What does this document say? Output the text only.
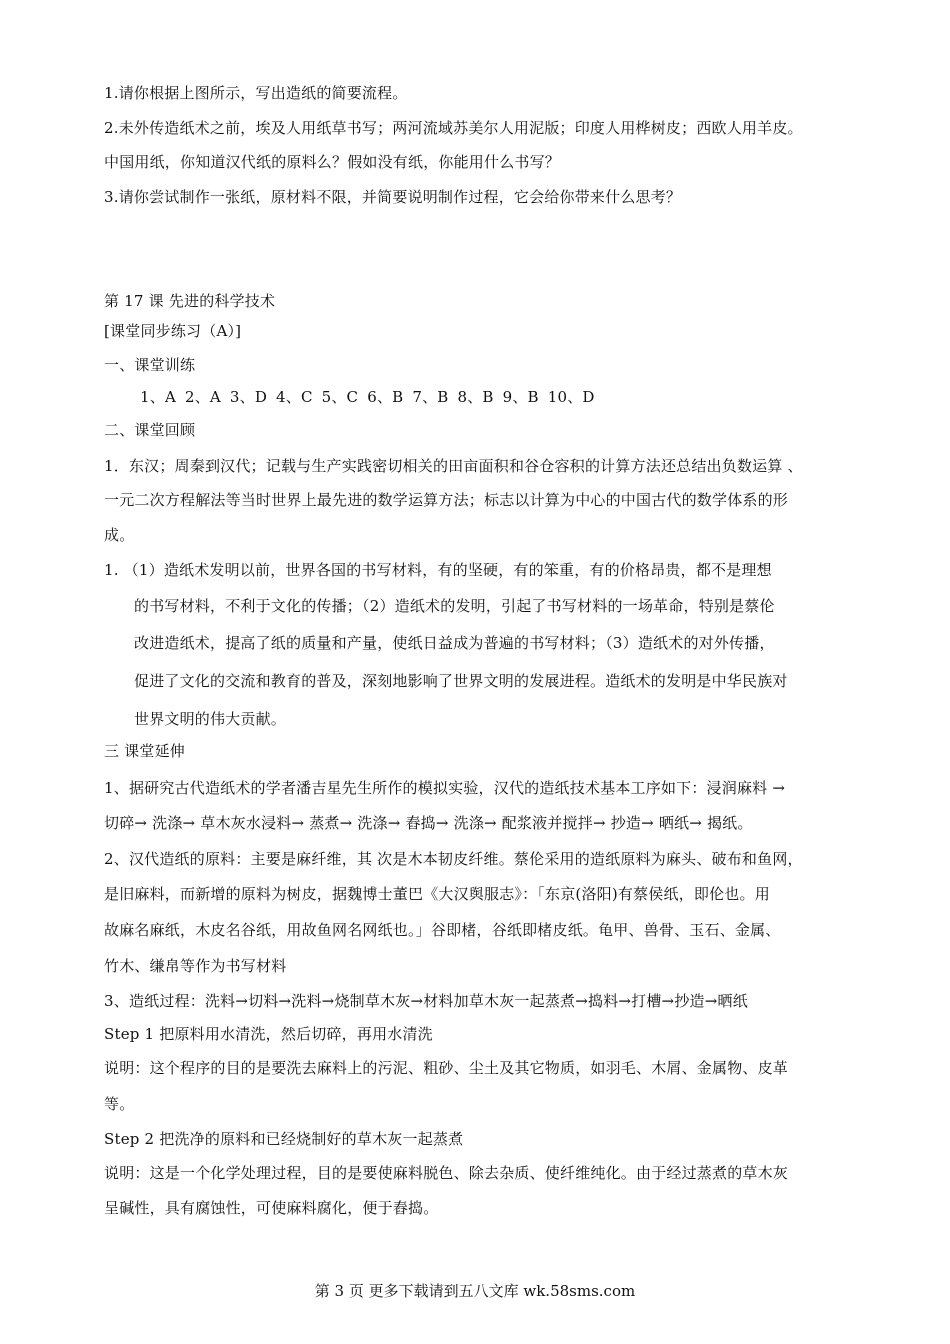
1.请你根据上图所示，写出造纸的简要流程。
2.未外传造纸术之前，埃及人用纸草书写；两河流域苏美尔人用泥版；印度人用桦树皮；西欧人用羊皮。
中国用纸，你知道汉代纸的原料么？假如没有纸，你能用什么书写？
3.请你尝试制作一张纸，原材料不限，并简要说明制作过程，它会给你带来什么思考？
第 17 课 先进的科学技术
[课堂同步练习（A）]
一、课堂训练
1、A 2、A 3、D 4、C 5、C 6、B 7、B 8、B 9、B 10、D
二、课堂回顾
1．东汉；周秦到汉代；记载与生产实践密切相关的田亩面积和谷仓容积的计算方法还总结出负数运算 、
一元二次方程解法等当时世界上最先进的数学运算方法；标志以计算为中心的中国古代的数学体系的形
成。
1. （1）造纸术发明以前，世界各国的书写材料，有的坚硬，有的笨重，有的价格昂贵，都不是理想
的书写材料，不利于文化的传播；（2）造纸术的发明，引起了书写材料的一场革命，特别是蔡伦
改进造纸术，提高了纸的质量和产量，使纸日益成为普遍的书写材料；（3）造纸术的对外传播，
促进了文化的交流和教育的普及，深刻地影响了世界文明的发展进程。造纸术的发明是中华民族对
世界文明的伟大贡献。
三 课堂延伸
1、据研究古代造纸术的学者潘吉星先生所作的模拟实验，汉代的造纸技术基本工序如下：浸润麻料 →
切碎→ 洗涤→ 草木灰水浸料→ 蒸煮→ 洗涤→ 舂捣→ 洗涤→ 配浆液并搅拌→ 抄造→ 晒纸→ 揭纸。
2、汉代造纸的原料：主要是麻纤维，其 次是木本韧皮纤维。蔡伦采用的造纸原料为麻头、破布和鱼网，
是旧麻料，而新增的原料为树皮，据魏博士董巴《大汉舆服志》：「东京(洛阳)有蔡侯纸，即伦也。用
故麻名麻纸，木皮名谷纸，用故鱼网名网纸也。」谷即楮，谷纸即楮皮纸。龟甲、兽骨、玉石、金属、
竹木、缣帛等作为书写材料
3、造纸过程：洗料→切料→洗料→烧制草木灰→材料加草木灰一起蒸煮→捣料→打槽→抄造→晒纸
Step 1 把原料用水清洗，然后切碎，再用水清洗
说明：这个程序的目的是要洗去麻料上的污泥、粗砂、尘土及其它物质，如羽毛、木屑、金属物、皮革
等。
Step 2 把洗净的原料和已经烧制好的草木灰一起蒸煮
说明：这是一个化学处理过程，目的是要使麻料脱色、除去杂质、使纤维纯化。由于经过蒸煮的草木灰
呈碱性，具有腐蚀性，可使麻料腐化，便于舂捣。
第 3 页 更多下载请到五八文库 wk.58sms.com
